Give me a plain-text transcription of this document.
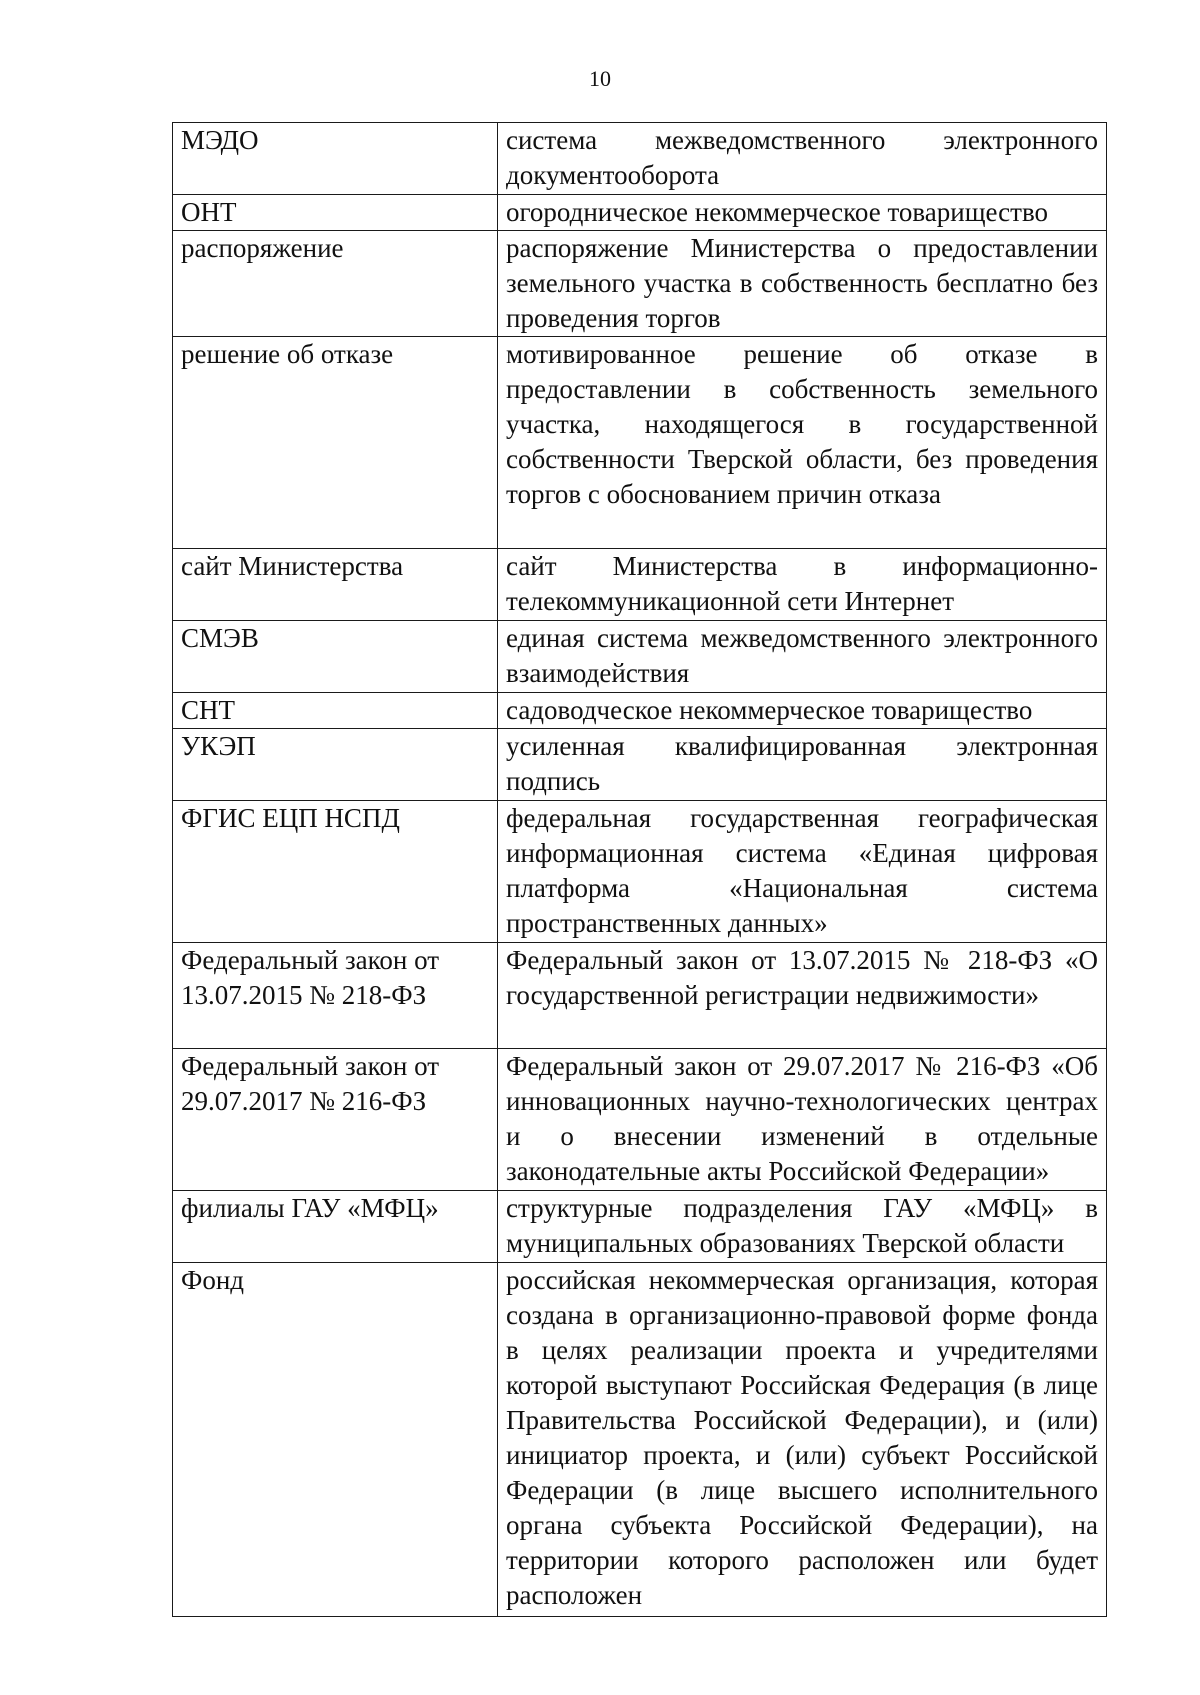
10
МЭДО	система межведомственного электронного документооборота
ОНТ	огородническое некоммерческое товарищество
распоряжение	распоряжение Министерства о предоставлении земельного участка в собственность бесплатно без проведения торгов
решение об отказе	мотивированное решение об отказе в предоставлении в собственность земельного участка, находящегося в государственной собственности Тверской области, без проведения торгов с обоснованием причин отказа
сайт Министерства	сайт Министерства в информационно-телекоммуникационной сети Интернет
СМЭВ	единая система межведомственного электронного взаимодействия
СНТ	садоводческое некоммерческое товарищество
УКЭП	усиленная квалифицированная электронная подпись
ФГИС ЕЦП НСПД	федеральная государственная географическая информационная система «Единая цифровая платформа «Национальная система пространственных данных»
Федеральный закон от 13.07.2015 № 218-ФЗ	Федеральный закон от 13.07.2015 № 218-ФЗ «О государственной регистрации недвижимости»
Федеральный закон от 29.07.2017 № 216-ФЗ	Федеральный закон от 29.07.2017 № 216-ФЗ «Об инновационных научно-технологических центрах и о внесении изменений в отдельные законодательные акты Российской Федерации»
филиалы ГАУ «МФЦ»	структурные подразделения ГАУ «МФЦ» в муниципальных образованиях Тверской области
Фонд	российская некоммерческая организация, которая создана в организационно-правовой форме фонда в целях реализации проекта и учредителями которой выступают Российская Федерация (в лице Правительства Российской Федерации), и (или) инициатор проекта, и (или) субъект Российской Федерации (в лице высшего исполнительного органа субъекта Российской Федерации), на территории которого расположен или будет расположен
